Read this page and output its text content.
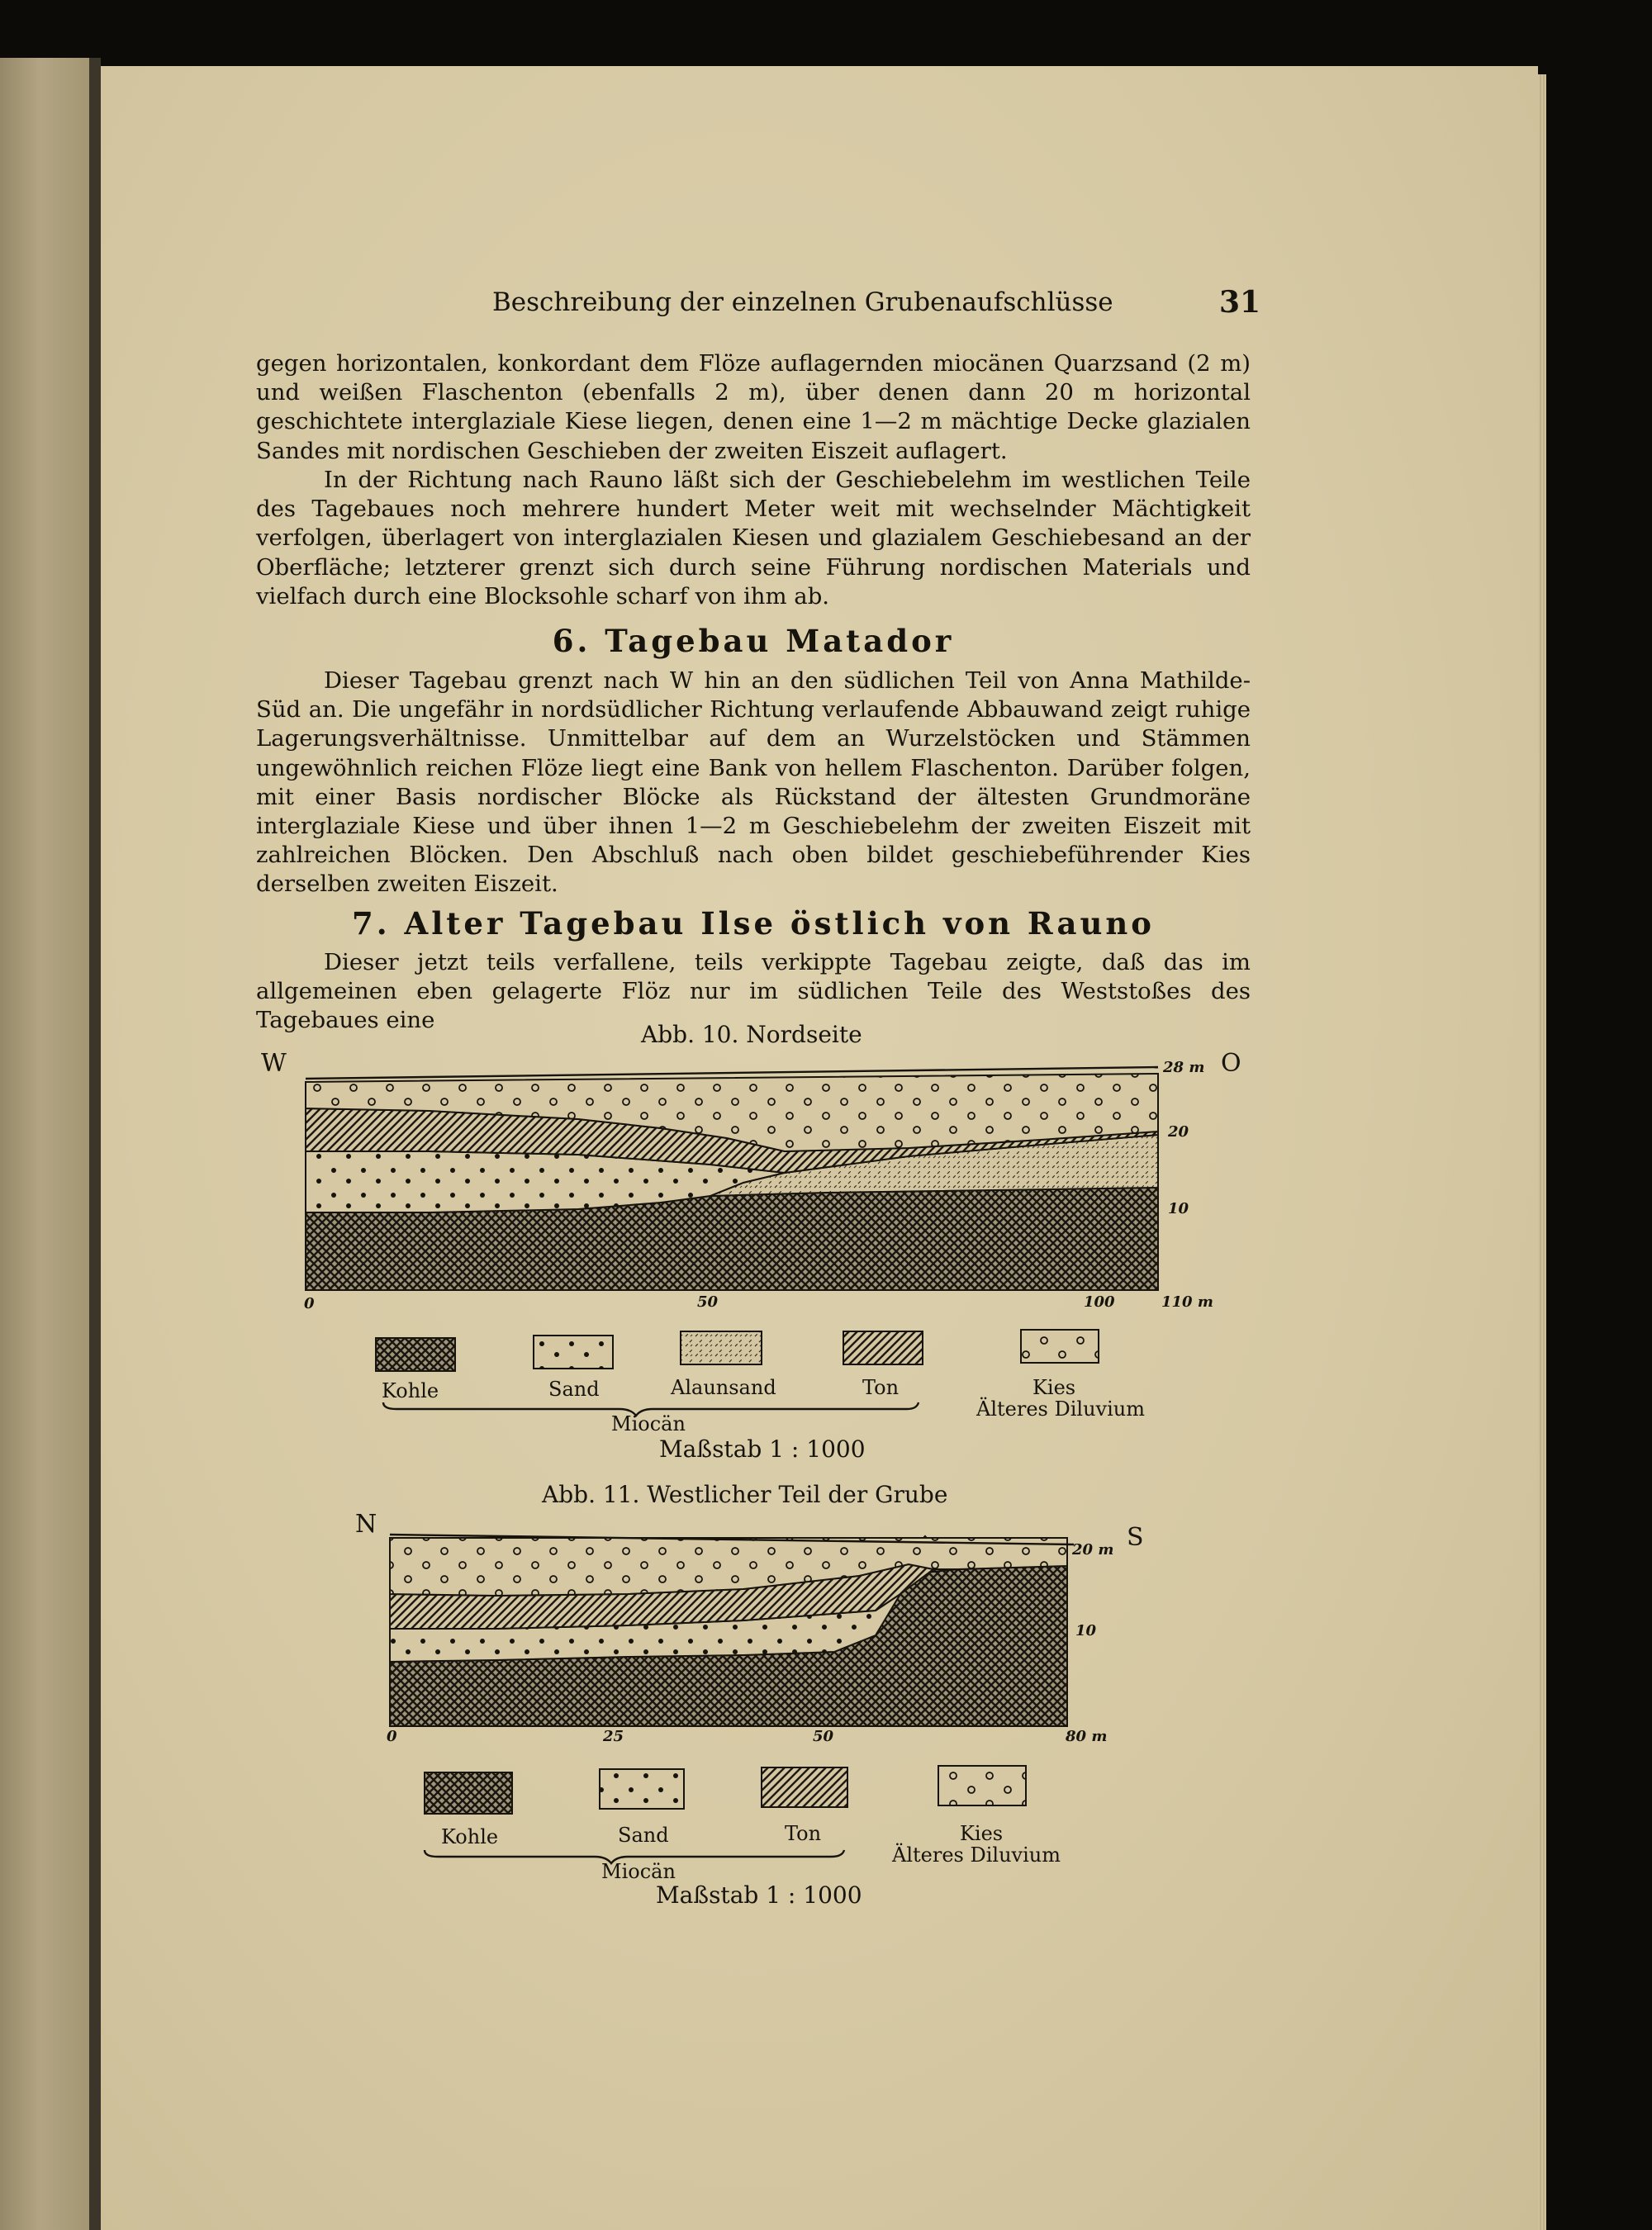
Beschreibung der einzelnen Grubenaufschlüsse	31

gegen horizontalen, konkordant dem Flöze auflagernden miocänen Quarzsand (2 m) und weißen Flaschenton (ebenfalls 2 m), über denen dann 20 m horizontal geschichtete interglaziale Kiese liegen, denen eine 1—2 m mächtige Decke glazialen Sandes mit nordischen Geschieben der zweiten Eiszeit auflagert.

In der Richtung nach Rauno läßt sich der Geschiebelehm im westlichen Teile des Tagebaues noch mehrere hundert Meter weit mit wechselnder Mächtigkeit verfolgen, überlagert von interglazialen Kiesen und glazialem Geschiebesand an der Oberfläche; letzterer grenzt sich durch seine Führung nordischen Materials und vielfach durch eine Blocksohle scharf von ihm ab.

6. Tagebau Matador

Dieser Tagebau grenzt nach W hin an den südlichen Teil von Anna Mathilde-Süd an. Die ungefähr in nordsüdlicher Richtung verlaufende Abbauwand zeigt ruhige Lagerungsverhältnisse. Unmittelbar auf dem an Wurzelstöcken und Stämmen ungewöhnlich reichen Flöze liegt eine Bank von hellem Flaschenton. Darüber folgen, mit einer Basis nordischer Blöcke als Rückstand der ältesten Grundmoräne interglaziale Kiese und über ihnen 1—2 m Geschiebelehm der zweiten Eiszeit mit zahlreichen Blöcken. Den Abschluß nach oben bildet geschiebeführender Kies derselben zweiten Eiszeit.

7. Alter Tagebau Ilse östlich von Rauno

Dieser jetzt teils verfallene, teils verkippte Tagebau zeigte, daß das im allgemeinen eben gelagerte Flöz nur im südlichen Teile des Weststoßes des Tagebaues eine

Abb. 10. Nordseite
W	O
28 m
20
10
0	50	100	110 m
Kohle	Sand	Alaunsand	Ton	Kies
Älteres Diluvium
Miocän
Maßstab 1 : 1000
Abb. 11. Westlicher Teil der Grube
N	S
20 m
10
0	25	50	80 m
Kohle	Sand	Ton	Kies
Älteres Diluvium
Miocän
Maßstab 1 : 1000
